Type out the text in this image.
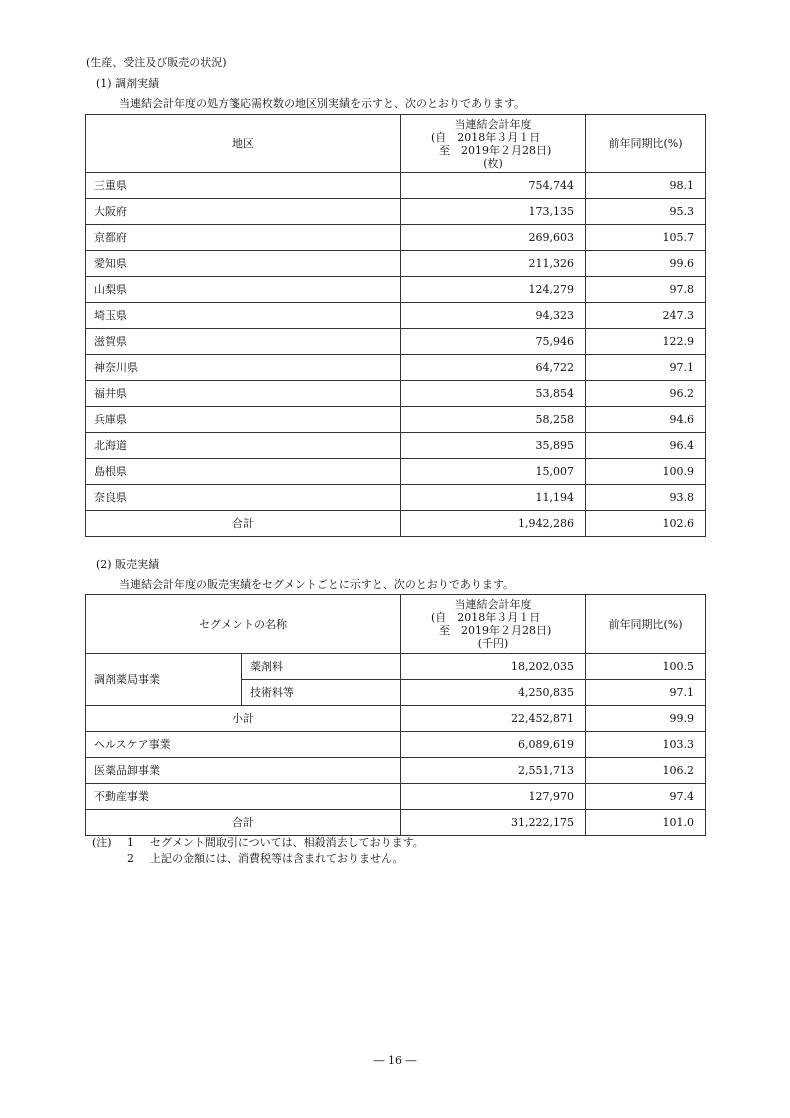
(生産、受注及び販売の状況)
(1) 調剤実績
当連結会計年度の処方箋応需枚数の地区別実績を示すと、次のとおりであります。
地区	当連結会計年度
(自　2018年３月１日
至　2019年２月28日)
(枚)	前年同期比(%)
三重県	754,744	98.1
大阪府	173,135	95.3
京都府	269,603	105.7
愛知県	211,326	99.6
山梨県	124,279	97.8
埼玉県	94,323	247.3
滋賀県	75,946	122.9
神奈川県	64,722	97.1
福井県	53,854	96.2
兵庫県	58,258	94.6
北海道	35,895	96.4
島根県	15,007	100.9
奈良県	11,194	93.8
合計	1,942,286	102.6
(2) 販売実績
当連結会計年度の販売実績をセグメントごとに示すと、次のとおりであります。
セグメントの名称		当連結会計年度
(自　2018年３月１日
至　2019年２月28日)
(千円)	前年同期比(%)
調剤薬局事業	薬剤料	18,202,035	100.5
	技術料等	4,250,835	97.1
小計		22,452,871	99.9
ヘルスケア事業		6,089,619	103.3
医薬品卸事業		2,551,713	106.2
不動産事業		127,970	97.4
合計		31,222,175	101.0
(注) 1 セグメント間取引については、相殺消去しております。
2 上記の金額には、消費税等は含まれておりません。
― 16 ―
